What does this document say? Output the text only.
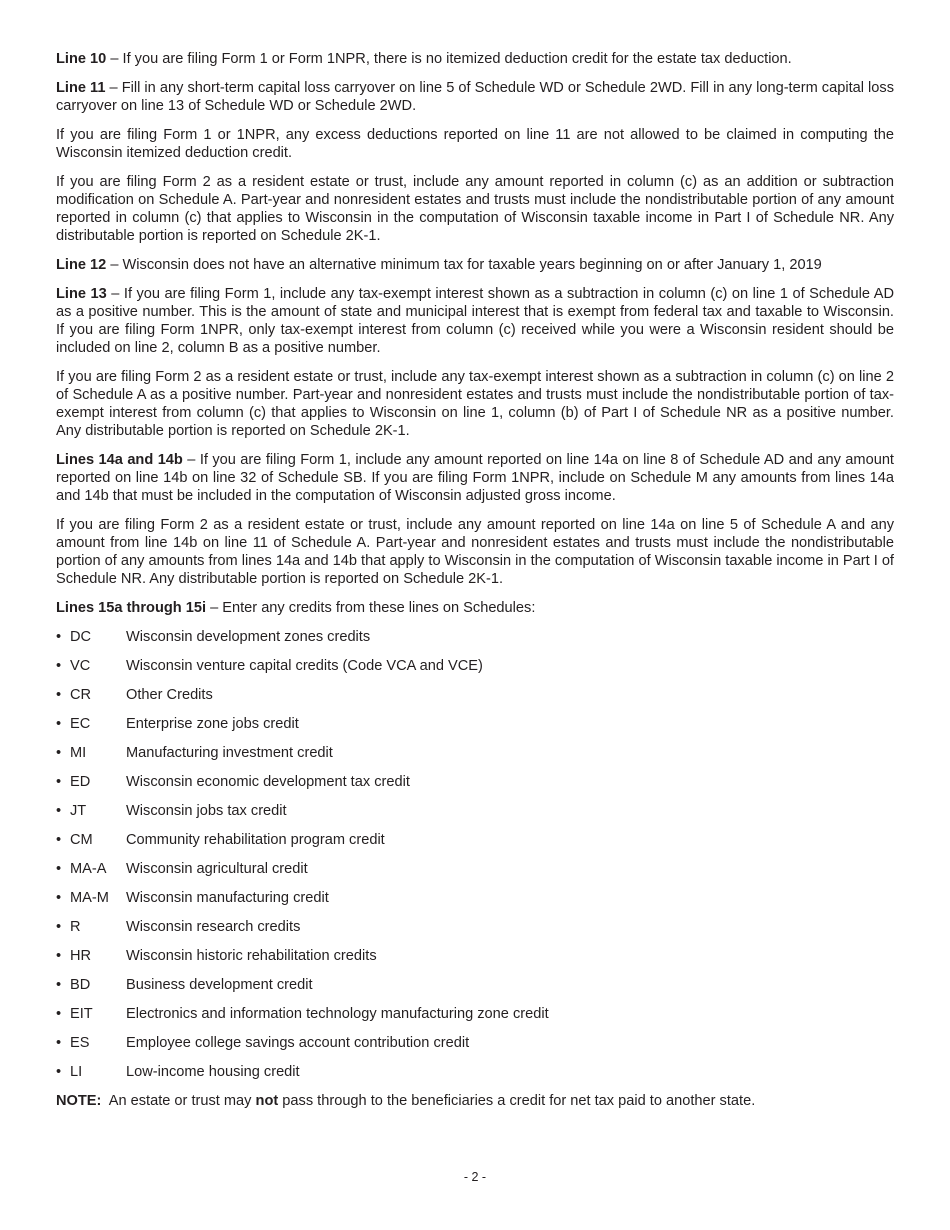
Line 10 – If you are filing Form 1 or Form 1NPR, there is no itemized deduction credit for the estate tax deduction.

Line 11 – Fill in any short-term capital loss carryover on line 5 of Schedule WD or Schedule 2WD. Fill in any long-term capital loss carryover on line 13 of Schedule WD or Schedule 2WD.

If you are filing Form 1 or 1NPR, any excess deductions reported on line 11 are not allowed to be claimed in computing the Wisconsin itemized deduction credit.

If you are filing Form 2 as a resident estate or trust, include any amount reported in column (c) as an addition or subtraction modification on Schedule A. Part-year and nonresident estates and trusts must include the nondistributable portion of any amount reported in column (c) that applies to Wisconsin in the computation of Wisconsin taxable income in Part I of Schedule NR. Any distributable portion is reported on Schedule 2K-1.

Line 12 – Wisconsin does not have an alternative minimum tax for taxable years beginning on or after January 1, 2019

Line 13 – If you are filing Form 1, include any tax-exempt interest shown as a subtraction in column (c) on line 1 of Schedule AD as a positive number. This is the amount of state and municipal interest that is exempt from federal tax and taxable to Wisconsin. If you are filing Form 1NPR, only tax-exempt interest from column (c) received while you were a Wisconsin resident should be included on line 2, column B as a positive number.

If you are filing Form 2 as a resident estate or trust, include any tax-exempt interest shown as a subtraction in column (c) on line 2 of Schedule A as a positive number. Part-year and nonresident estates and trusts must include the nondistributable portion of tax-exempt interest from column (c) that applies to Wisconsin on line 1, column (b) of Part I of Schedule NR as a positive number. Any distributable portion is reported on Schedule 2K-1.

Lines 14a and 14b – If you are filing Form 1, include any amount reported on line 14a on line 8 of Schedule AD and any amount reported on line 14b on line 32 of Schedule SB. If you are filing Form 1NPR, include on Schedule M any amounts from lines 14a and 14b that must be included in the computation of Wisconsin adjusted gross income.

If you are filing Form 2 as a resident estate or trust, include any amount reported on line 14a on line 5 of Schedule A and any amount from line 14b on line 11 of Schedule A. Part-year and nonresident estates and trusts must include the nondistributable portion of any amounts from lines 14a and 14b that apply to Wisconsin in the computation of Wisconsin taxable income in Part I of Schedule NR. Any distributable portion is reported on Schedule 2K-1.

Lines 15a through 15i – Enter any credits from these lines on Schedules:

• DC	Wisconsin development zones credits
• VC	Wisconsin venture capital credits (Code VCA and VCE)
• CR	Other Credits
• EC	Enterprise zone jobs credit
• MI	Manufacturing investment credit
• ED	Wisconsin economic development tax credit
• JT	Wisconsin jobs tax credit
• CM	Community rehabilitation program credit
• MA-A	Wisconsin agricultural credit
• MA-M	Wisconsin manufacturing credit
• R	Wisconsin research credits
• HR	Wisconsin historic rehabilitation credits
• BD	Business development credit
• EIT	Electronics and information technology manufacturing zone credit
• ES	Employee college savings account contribution credit
• LI	Low-income housing credit

NOTE:  An estate or trust may not pass through to the beneficiaries a credit for net tax paid to another state.

- 2 -
